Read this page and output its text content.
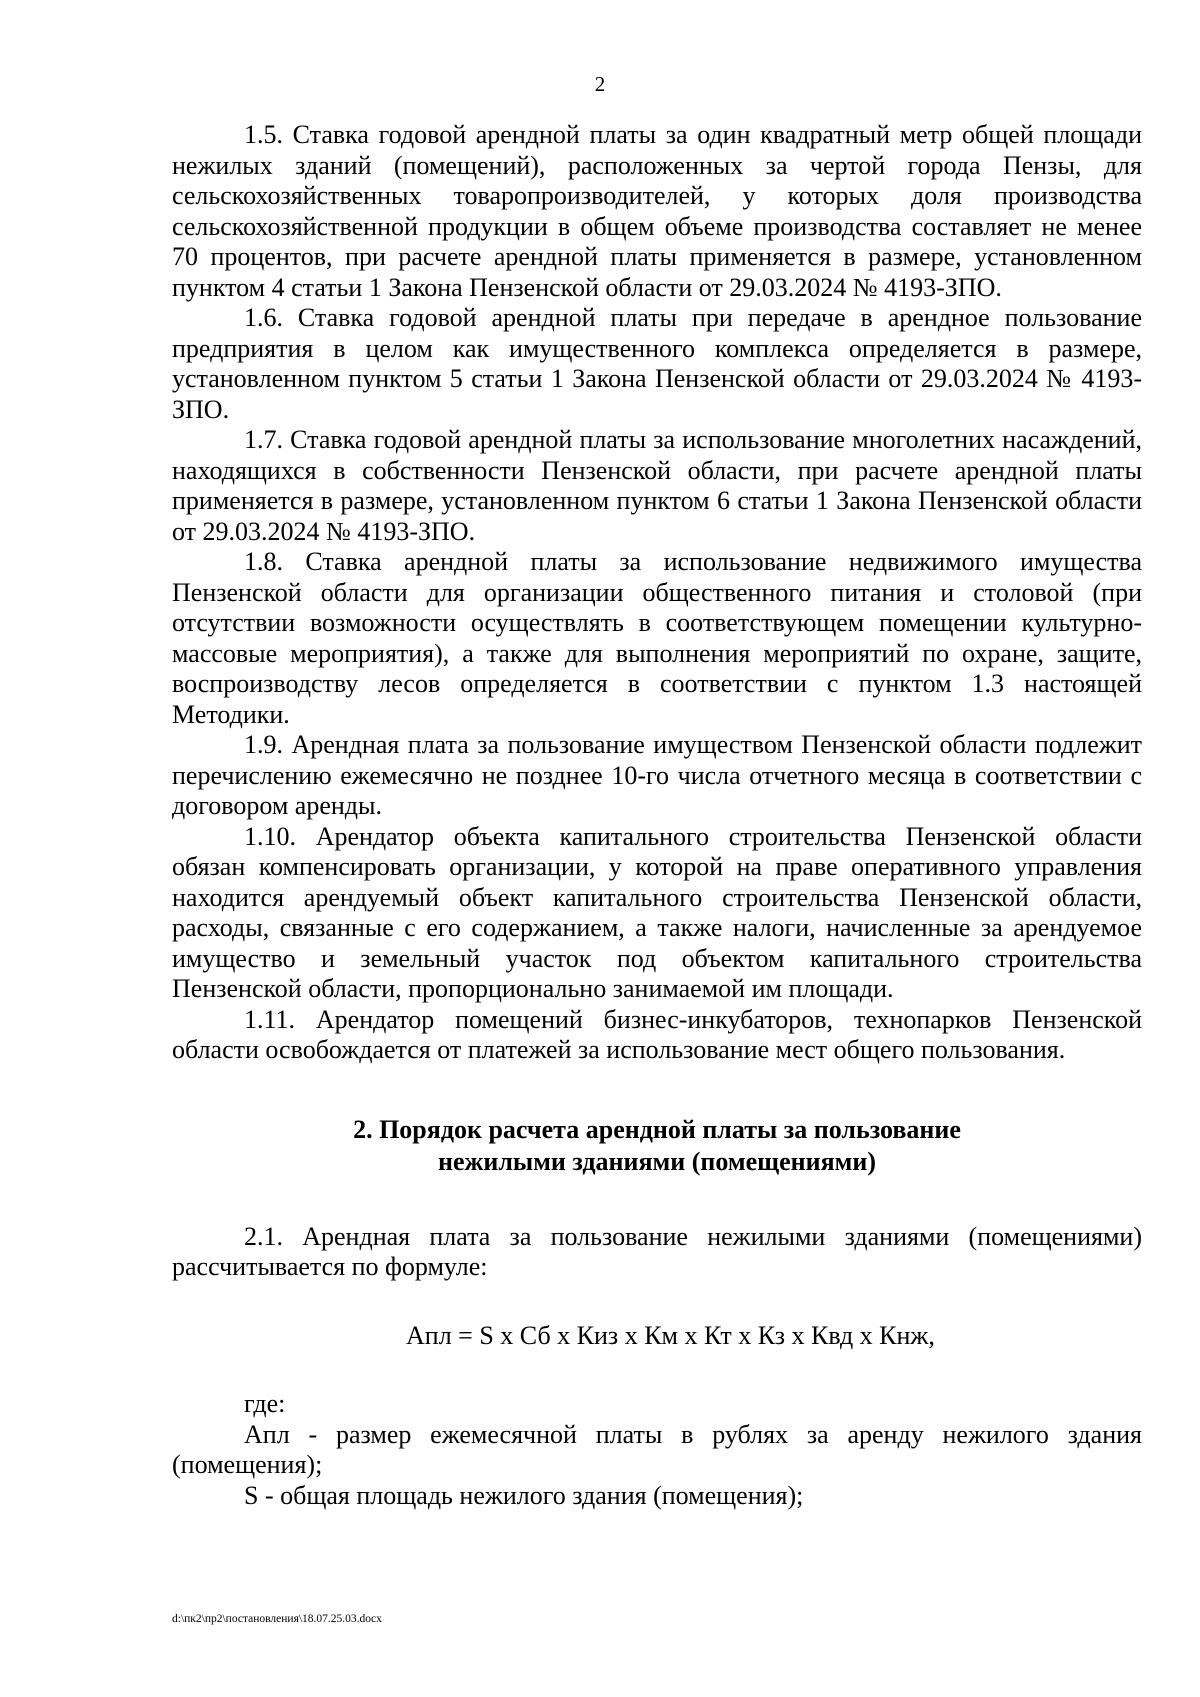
2

1.5. Ставка годовой арендной платы за один квадратный метр общей площади нежилых зданий (помещений), расположенных за чертой города Пензы, для сельскохозяйственных товаропроизводителей, у которых доля производства сельскохозяйственной продукции в общем объеме производства составляет не менее 70 процентов, при расчете арендной платы применяется в размере, установленном пунктом 4 статьи 1 Закона Пензенской области от 29.03.2024 № 4193-ЗПО.

1.6. Ставка годовой арендной платы при передаче в арендное пользование предприятия в целом как имущественного комплекса определяется в размере, установленном пунктом 5 статьи 1 Закона Пензенской области от 29.03.2024 № 4193-ЗПО.

1.7. Ставка годовой арендной платы за использование многолетних насаждений, находящихся в собственности Пензенской области, при расчете арендной платы применяется в размере, установленном пунктом 6 статьи 1 Закона Пензенской области от 29.03.2024 № 4193-ЗПО.

1.8. Ставка арендной платы за использование недвижимого имущества Пензенской области для организации общественного питания и столовой (при отсутствии возможности осуществлять в соответствующем помещении культурно-массовые мероприятия), а также для выполнения мероприятий по охране, защите, воспроизводству лесов определяется в соответствии с пунктом 1.3 настоящей Методики.

1.9. Арендная плата за пользование имуществом Пензенской области подлежит перечислению ежемесячно не позднее 10-го числа отчетного месяца в соответствии с договором аренды.

1.10. Арендатор объекта капитального строительства Пензенской области обязан компенсировать организации, у которой на праве оперативного управления находится арендуемый объект капитального строительства Пензенской области, расходы, связанные с его содержанием, а также налоги, начисленные за арендуемое имущество и земельный участок под объектом капитального строительства Пензенской области, пропорционально занимаемой им площади.

1.11. Арендатор помещений бизнес-инкубаторов, технопарков Пензенской области освобождается от платежей за использование мест общего пользования.

2. Порядок расчета арендной платы за пользование
нежилыми зданиями (помещениями)

2.1. Арендная плата за пользование нежилыми зданиями (помещениями) рассчитывается по формуле:

Апл = S х Сб х Киз х Км х Кт х Кз х Квд х Кнж,

где:

Апл - размер ежемесячной платы в рублях за аренду нежилого здания (помещения);

S - общая площадь нежилого здания (помещения);

d:\пк2\пр2\постановления\18.07.25.03.docx
